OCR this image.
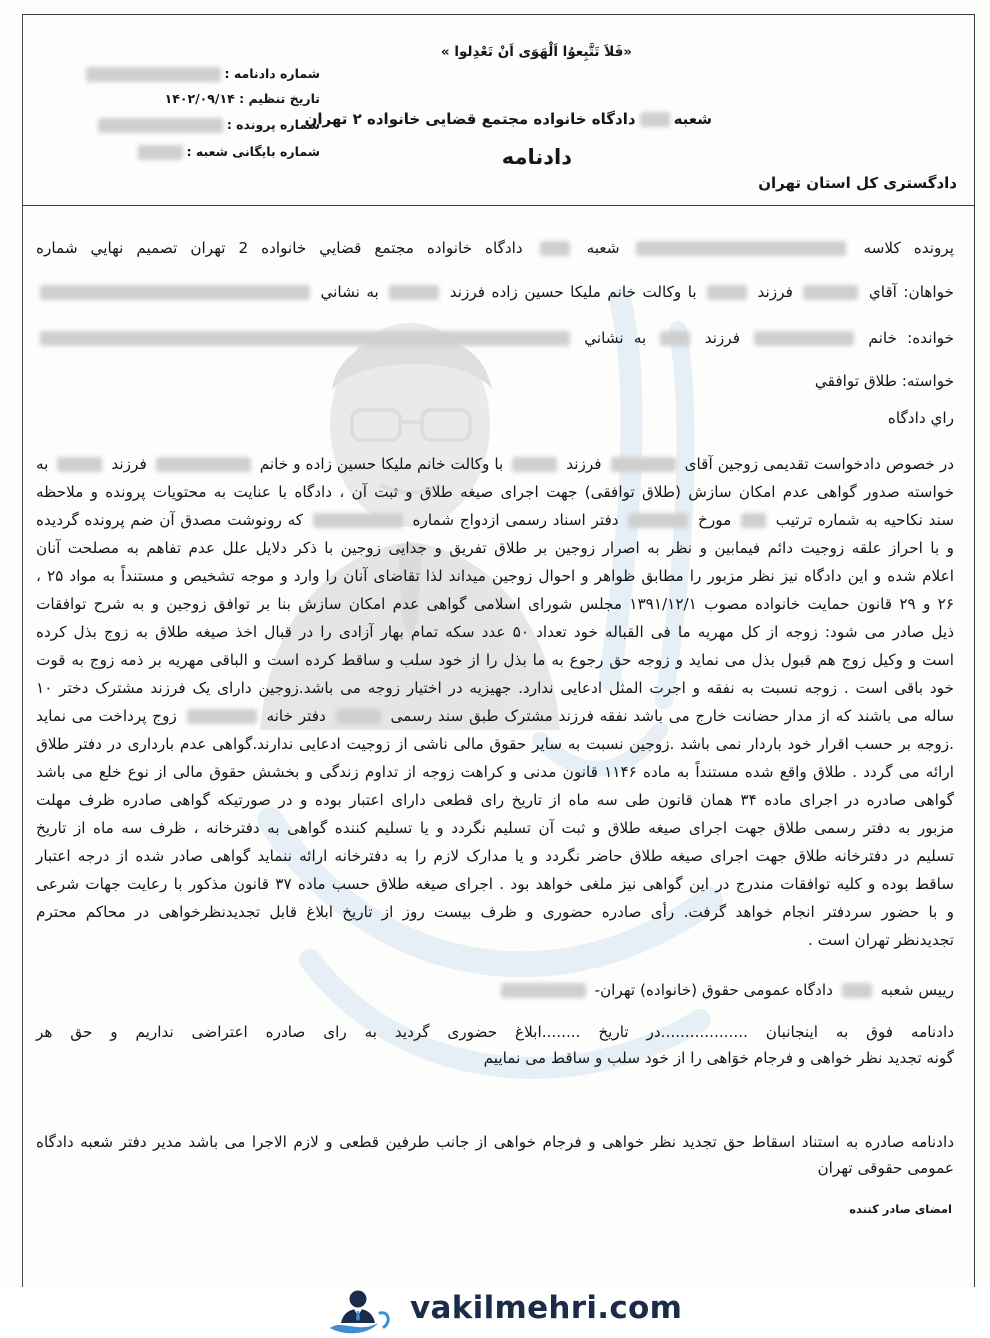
«فَلاَ تَتَّبِعوُا اَلْهَوَى اَنْ تَعْدِلوا »
شماره دادنامه :
تاریخ تنظیم : ۱۴۰۲/۰۹/۱۴
شماره پرونده :
شماره بایگانی شعبه :
شعبهدادگاه خانواده مجتمع قضایی خانواده ۲ تهران
دادنامه
دادگستری کل استان تهران
پرونده کلاسه  شعبه  دادگاه خانواده مجتمع قضايي خانواده 2 تهران تصميم نهايي شماره
خواهان: آقاي  فرزند  با وكالت خانم مليكا حسين زاده فرزند  به نشاني
خوانده: خانم  فرزند  به نشاني
خواسته: طلاق توافقي
راي دادگاه
در خصوص دادخواست تقدیمی زوجین آقای  فرزند  با وكالت خانم مليكا حسين زاده و خانم  فرزند  به
خواسته صدور گواهی عدم امکان سازش (طلاق توافقی) جهت اجرای صیغه طلاق و ثبت آن ، دادگاه با عنایت به محتویات پرونده و ملاحظه
سند نکاحیه به شماره ترتیب  مورخ  دفتر اسناد رسمی ازدواج شماره  که رونوشت مصدق آن ضم پرونده گردیده
و با احراز علقه زوجیت دائم فیمابین و نظر به اصرار زوجین بر طلاق تفریق و جدایی زوجین با ذکر دلایل علل عدم تفاهم به مصلحت آنان
اعلام شده و این دادگاه نیز نظر مزبور را مطابق ظواهر و احوال زوجین میداند لذا تقاضای آنان را وارد و موجه تشخیص و مستنداً به مواد ۲۵ ،
۲۶ و ۲۹ قانون حمایت خانواده مصوب ۱۳۹۱/۱۲/۱ مجلس شورای اسلامی گواهی عدم امکان سازش بنا بر توافق زوجین و به شرح توافقات
ذیل صادر می شود: زوجه از کل مهریه ما فی القباله خود تعداد ۵۰ عدد سکه تمام بهار آزادی را در قبال اخذ صیغه طلاق به زوج بذل کرده
است و وکیل زوج هم قبول بذل می نماید و زوجه حق رجوع به ما بذل را از خود سلب و ساقط کرده است و الباقی مهریه بر ذمه زوج به قوت
خود باقی است . زوجه نسبت به نفقه و اجرت المثل ادعایی ندارد. جهیزیه در اختیار زوجه می باشد.زوجین دارای یک فرزند مشترک دختر ۱۰
ساله می باشند که از مدار حضانت خارج می باشد نفقه فرزند مشترک طبق سند رسمی  دفتر خانه  زوج پرداخت می نماید
.زوجه بر حسب اقرار خود باردار نمی باشد .زوجین نسبت به سایر حقوق مالی ناشی از زوجیت ادعایی ندارند.گواهی عدم بارداری در دفتر طلاق
ارائه می گردد . طلاق واقع شده مستنداً به ماده ۱۱۴۶ قانون مدنی و کراهت زوجه از تداوم زندگی و بخشش حقوق مالی از نوع خلع می باشد
گواهی صادره در اجرای ماده ۳۴ همان قانون طی سه ماه از تاریخ رای قطعی دارای اعتبار بوده و در صورتیکه گواهی صادره ظرف مهلت
مزبور به دفتر رسمی طلاق جهت اجرای صیغه طلاق و ثبت آن تسلیم نگردد و یا تسلیم کننده گواهی به دفترخانه ، ظرف سه ماه از تاریخ
تسلیم در دفترخانه طلاق جهت اجرای صیغه طلاق حاضر نگردد و یا مدارک لازم را به دفترخانه ارائه ننماید گواهی صادر شده از درجه اعتبار
ساقط بوده و کلیه توافقات مندرج در این گواهی نیز ملغی خواهد بود . اجرای صیغه طلاق حسب ماده ۳۷ قانون مذکور با رعایت جهات شرعی
و با حضور سردفتر انجام خواهد گرفت. رأی صادره حضوری و ظرف بیست روز از تاریخ ابلاغ قابل تجدیدنظرخواهی در محاکم محترم
تجدیدنظر تهران است .
رییس شعبه  دادگاه عمومی حقوق (خانواده) تهران-
دادنامه فوق به اینجانبان ..................در تاریخ ........ابلاغ حضوری گردید به رای صادره اعتراضی نداریم و حق هر
گونه تجدید نظر خواهی و فرجام خوَاهی را از خود سلب و ساقط می نماییم
دادنامه صادره به استناد اسقاط حق تجدید نظر خواهی و فرجام خواهی از جانب طرفین قطعی و لازم الاجرا می باشد مدیر دفتر شعبه دادگاه
عمومی حقوقی تهران
امضای صادر کننده
vakilmehri.com
